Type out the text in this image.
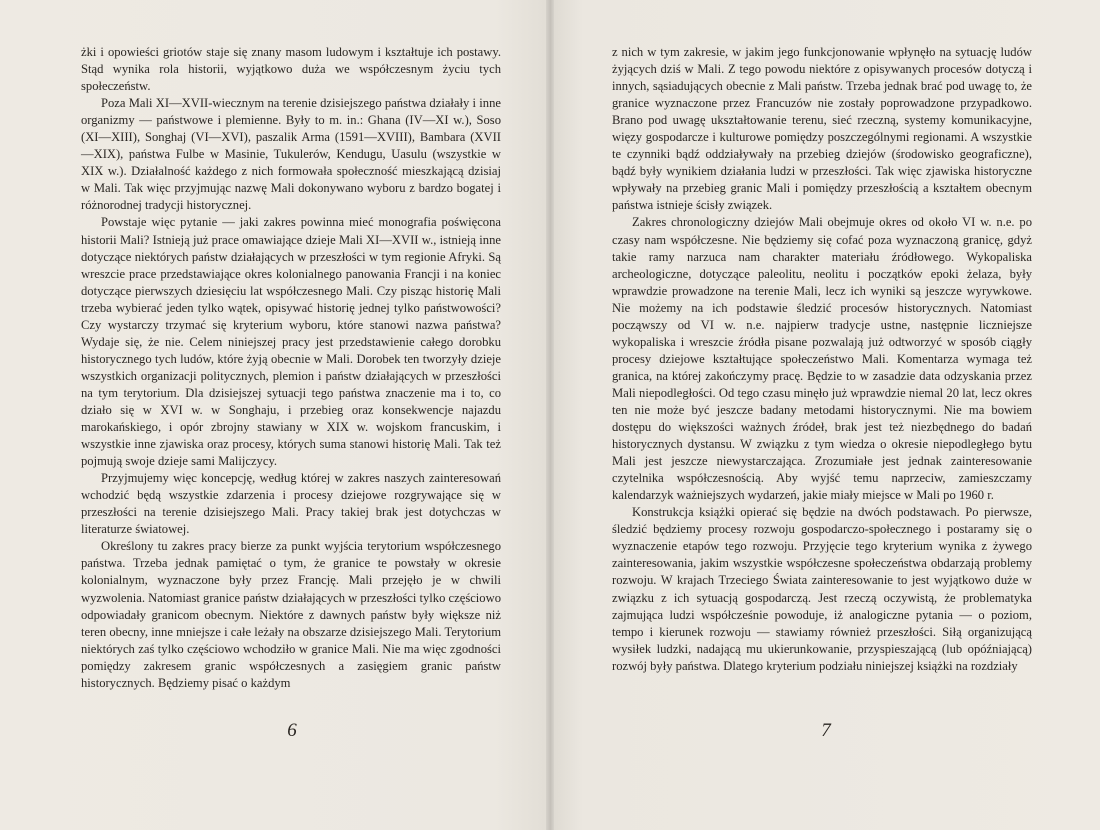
żki i opowieści griotów staje się znany masom ludowym i kształtuje ich postawy. Stąd wynika rola historii, wyjątkowo duża we współczesnym życiu tych społeczeństw.

Poza Mali XI—XVII-wiecznym na terenie dzisiejszego państwa działały i inne organizmy — państwowe i plemienne. Były to m. in.: Ghana (IV—XI w.), Soso (XI—XIII), Songhaj (VI—XVI), paszalik Arma (1591—XVIII), Bambara (XVII—XIX), państwa Fulbe w Masinie, Tukulerów, Kendugu, Uasulu (wszystkie w XIX w.). Działalność każdego z nich formowała społeczność mieszkającą dzisiaj w Mali. Tak więc przyjmując nazwę Mali dokonywano wyboru z bardzo bogatej i różnorodnej tradycji historycznej.

Powstaje więc pytanie — jaki zakres powinna mieć monografia poświęcona historii Mali? Istnieją już prace omawiające dzieje Mali XI—XVII w., istnieją inne dotyczące niektórych państw działających w przeszłości w tym regionie Afryki. Są wreszcie prace przedstawiające okres kolonialnego panowania Francji i na koniec dotyczące pierwszych dziesięciu lat współczesnego Mali. Czy pisząc historię Mali trzeba wybierać jeden tylko wątek, opisywać historię jednej tylko państwowości? Czy wystarczy trzymać się kryterium wyboru, które stanowi nazwa państwa? Wydaje się, że nie. Celem niniejszej pracy jest przedstawienie całego dorobku historycznego tych ludów, które żyją obecnie w Mali. Dorobek ten tworzyły dzieje wszystkich organizacji politycznych, plemion i państw działających w przeszłości na tym terytorium. Dla dzisiejszej sytuacji tego państwa znaczenie ma i to, co działo się w XVI w. w Songhaju, i przebieg oraz konsekwencje najazdu marokańskiego, i opór zbrojny stawiany w XIX w. wojskom francuskim, i wszystkie inne zjawiska oraz procesy, których suma stanowi historię Mali. Tak też pojmują swoje dzieje sami Malijczycy.

Przyjmujemy więc koncepcję, według której w zakres naszych zainteresowań wchodzić będą wszystkie zdarzenia i procesy dziejowe rozgrywające się w przeszłości na terenie dzisiejszego Mali. Pracy takiej brak jest dotychczas w literaturze światowej.

Określony tu zakres pracy bierze za punkt wyjścia terytorium współczesnego państwa. Trzeba jednak pamiętać o tym, że granice te powstały w okresie kolonialnym, wyznaczone były przez Francję. Mali przejęło je w chwili wyzwolenia. Natomiast granice państw działających w przeszłości tylko częściowo odpowiadały granicom obecnym. Niektóre z dawnych państw były większe niż teren obecny, inne mniejsze i całe leżały na obszarze dzisiejszego Mali. Terytorium niektórych zaś tylko częściowo wchodziło w granice Mali. Nie ma więc zgodności pomiędzy zakresem granic współczesnych a zasięgiem granic państw historycznych. Będziemy pisać o każdym

6

z nich w tym zakresie, w jakim jego funkcjonowanie wpłynęło na sytuację ludów żyjących dziś w Mali. Z tego powodu niektóre z opisywanych procesów dotyczą i innych, sąsiadujących obecnie z Mali państw. Trzeba jednak brać pod uwagę to, że granice wyznaczone przez Francuzów nie zostały poprowadzone przypadkowo. Brano pod uwagę ukształtowanie terenu, sieć rzeczną, systemy komunikacyjne, więzy gospodarcze i kulturowe pomiędzy poszczególnymi regionami. A wszystkie te czynniki bądź oddziaływały na przebieg dziejów (środowisko geograficzne), bądź były wynikiem działania ludzi w przeszłości. Tak więc zjawiska historyczne wpływały na przebieg granic Mali i pomiędzy przeszłością a kształtem obecnym państwa istnieje ścisły związek.

Zakres chronologiczny dziejów Mali obejmuje okres od około VI w. n.e. po czasy nam współczesne. Nie będziemy się cofać poza wyznaczoną granicę, gdyż takie ramy narzuca nam charakter materiału źródłowego. Wykopaliska archeologiczne, dotyczące paleolitu, neolitu i początków epoki żelaza, były wprawdzie prowadzone na terenie Mali, lecz ich wyniki są jeszcze wyrywkowe. Nie możemy na ich podstawie śledzić procesów historycznych. Natomiast począwszy od VI w. n.e. najpierw tradycje ustne, następnie liczniejsze wykopaliska i wreszcie źródła pisane pozwalają już odtworzyć w sposób ciągły procesy dziejowe kształtujące społeczeństwo Mali. Komentarza wymaga też granica, na której zakończymy pracę. Będzie to w zasadzie data odzyskania przez Mali niepodległości. Od tego czasu minęło już wprawdzie niemal 20 lat, lecz okres ten nie może być jeszcze badany metodami historycznymi. Nie ma bowiem dostępu do większości ważnych źródeł, brak jest też niezbędnego do badań historycznych dystansu. W związku z tym wiedza o okresie niepodległego bytu Mali jest jeszcze niewystarczająca. Zrozumiałe jest jednak zainteresowanie czytelnika współczesnością. Aby wyjść temu naprzeciw, zamieszczamy kalendarzyk ważniejszych wydarzeń, jakie miały miejsce w Mali po 1960 r.

Konstrukcja książki opierać się będzie na dwóch podstawach. Po pierwsze, śledzić będziemy procesy rozwoju gospodarczo-społecznego i postaramy się o wyznaczenie etapów tego rozwoju. Przyjęcie tego kryterium wynika z żywego zainteresowania, jakim wszystkie współczesne społeczeństwa obdarzają problemy rozwoju. W krajach Trzeciego Świata zainteresowanie to jest wyjątkowo duże w związku z ich sytuacją gospodarczą. Jest rzeczą oczywistą, że problematyka zajmująca ludzi współcześnie powoduje, iż analogiczne pytania — o poziom, tempo i kierunek rozwoju — stawiamy również przeszłości. Siłą organizującą wysiłek ludzki, nadającą mu ukierunkowanie, przyspieszającą (lub opóźniającą) rozwój były państwa. Dlatego kryterium podziału niniejszej książki na rozdziały

7
